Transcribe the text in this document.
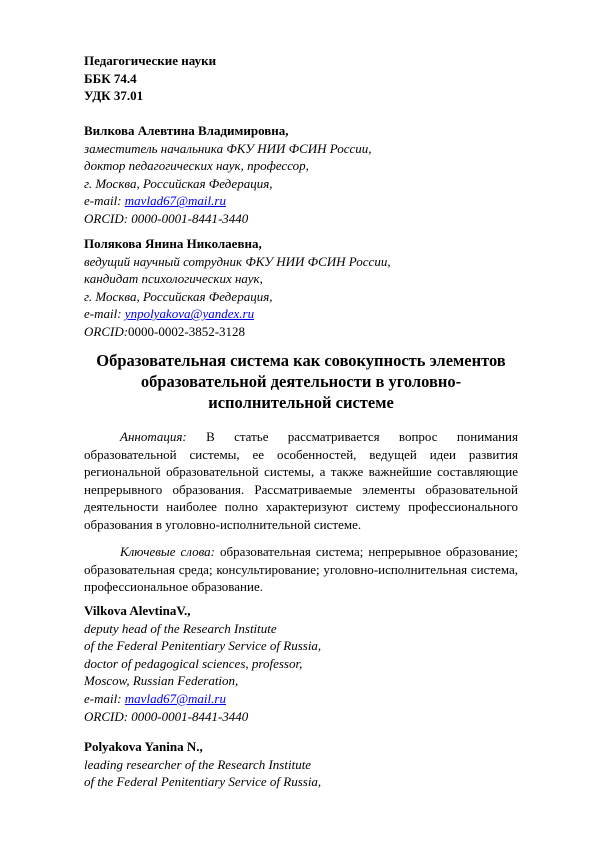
Педагогические науки
ББК 74.4
УДК 37.01
Вилкова Алевтина Владимировна,
заместитель начальника ФКУ НИИ ФСИН России,
доктор педагогических наук, профессор,
г. Москва, Российская Федерация,
e-mail: mavlad67@mail.ru
ORCID: 0000-0001-8441-3440
Полякова Янина Николаевна,
ведущий научный сотрудник ФКУ НИИ ФСИН России,
кандидат психологических наук,
г. Москва, Российская Федерация,
e-mail: ynpolyakova@yandex.ru
ORCID:0000-0002-3852-3128
Образовательная система как совокупность элементов
образовательной деятельности в уголовно-
исполнительной системе

Аннотация: В статье рассматривается вопрос понимания образовательной системы, ее особенностей, ведущей идеи развития региональной образовательной системы, а также важнейшие составляющие непрерывного образования. Рассматриваемые элементы образовательной деятельности наиболее полно характеризуют систему профессионального образования в уголовно-исполнительной системе.

Ключевые слова: образовательная система; непрерывное образование; образовательная среда; консультирование; уголовно-исполнительная система, профессиональное образование.

Vilkova AlevtinaV.,
deputy head of the Research Institute
of the Federal Penitentiary Service of Russia,
doctor of pedagogical sciences, professor,
Moscow, Russian Federation,
e-mail: mavlad67@mail.ru
ORCID: 0000-0001-8441-3440
Polyakova Yanina N.,
leading researcher of the Research Institute
of the Federal Penitentiary Service of Russia,
